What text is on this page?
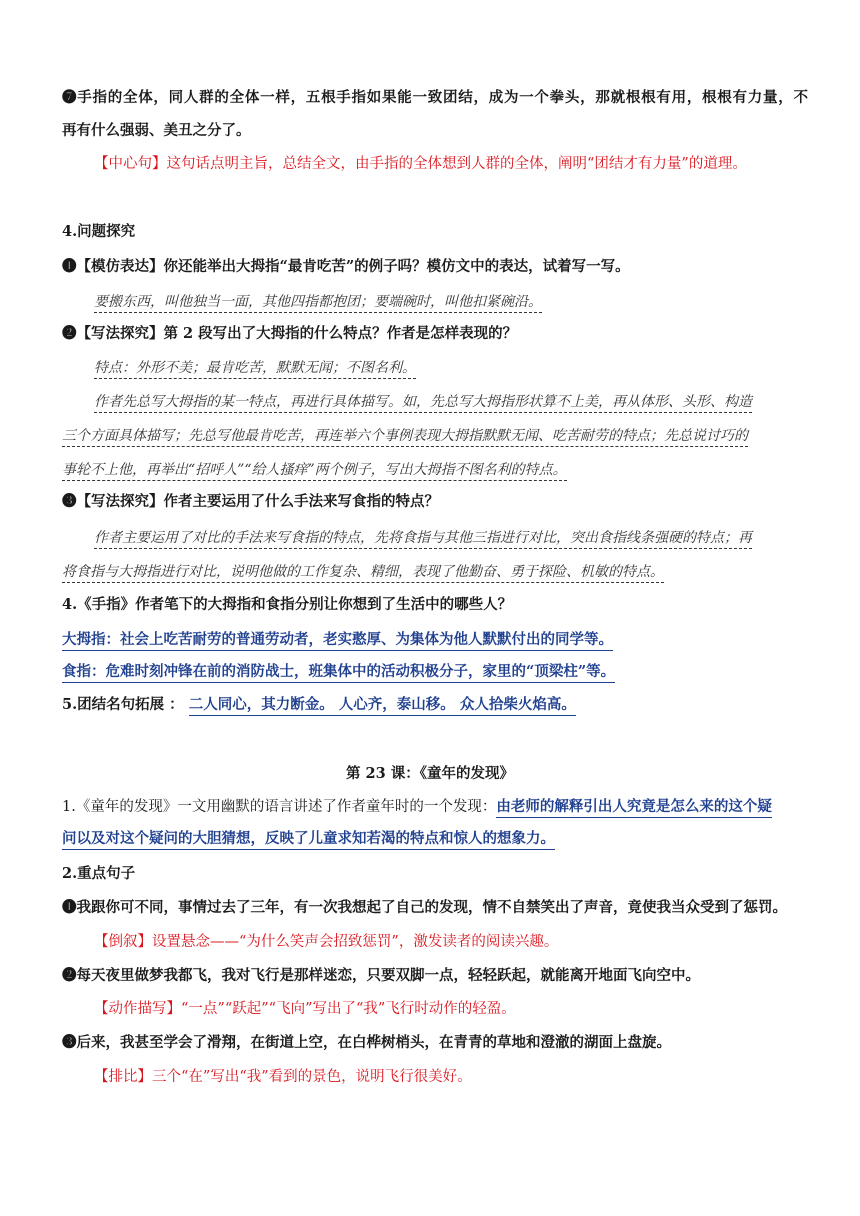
❼手指的全体，同人群的全体一样，五根手指如果能一致团结，成为一个拳头，那就根根有用，根根有力量，不
再有什么强弱、美丑之分了。
【中心句】这句话点明主旨，总结全文，由手指的全体想到人群的全体，阐明“团结才有力量”的道理。
4.问题探究
❶【模仿表达】你还能举出大拇指“最肯吃苦”的例子吗？模仿文中的表达，试着写一写。
要搬东西，叫他独当一面，其他四指都抱团；要端碗时，叫他扣紧碗沿。
❷【写法探究】第 2 段写出了大拇指的什么特点？作者是怎样表现的？
特点：外形不美；最肯吃苦，默默无闻；不图名利。
作者先总写大拇指的某一特点，再进行具体描写。如，先总写大拇指形状算不上美，再从体形、头形、构造
三个方面具体描写；先总写他最肯吃苦，再连举六个事例表现大拇指默默无闻、吃苦耐劳的特点；先总说讨巧的
事轮不上他，再举出“招呼人”“给人搔痒”两个例子，写出大拇指不图名利的特点。
❸【写法探究】作者主要运用了什么手法来写食指的特点？
作者主要运用了对比的手法来写食指的特点，先将食指与其他三指进行对比，突出食指线条强硬的特点；再
将食指与大拇指进行对比，说明他做的工作复杂、精细，表现了他勤奋、勇于探险、机敏的特点。
4.《手指》作者笔下的大拇指和食指分别让你想到了生活中的哪些人？
大拇指：社会上吃苦耐劳的普通劳动者，老实憨厚、为集体为他人默默付出的同学等。
食指：危难时刻冲锋在前的消防战士，班集体中的活动积极分子，家里的“顶梁柱”等。
5.团结名句拓展 ： 二人同心，其力断金。 人心齐，泰山移。 众人拾柴火焰高。
第 23 课：《童年的发现》
1.《童年的发现》一文用幽默的语言讲述了作者童年时的一个发现：由老师的解释引出人究竟是怎么来的这个疑
问以及对这个疑问的大胆猜想，反映了儿童求知若渴的特点和惊人的想象力。
2.重点句子
❶我跟你可不同，事情过去了三年，有一次我想起了自己的发现，情不自禁笑出了声音，竟使我当众受到了惩罚。
【倒叙】设置悬念——“为什么笑声会招致惩罚”，激发读者的阅读兴趣。
❷每天夜里做梦我都飞，我对飞行是那样迷恋，只要双脚一点，轻轻跃起，就能离开地面飞向空中。
【动作描写】“一点”“跃起”“飞向”写出了“我”飞行时动作的轻盈。
❸后来，我甚至学会了滑翔，在街道上空，在白桦树梢头，在青青的草地和澄澈的湖面上盘旋。
【排比】三个“在”写出“我”看到的景色，说明飞行很美好。
